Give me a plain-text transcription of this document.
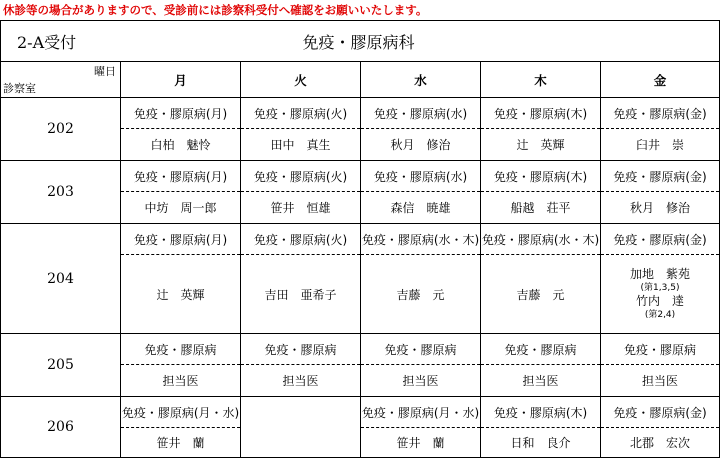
休診等の場合がありますので、受診前には診察科受付へ確認をお願いいたします。
2-A受付		免疫・膠原病科			

曜日
診察室	月	火	水	木	金
202	免疫・膠原病(月)	免疫・膠原病(火)	免疫・膠原病(水)	免疫・膠原病(木)	免疫・膠原病(金)
	白柏　魅怜	田中　真生	秋月　修治	辻　英輝	臼井　崇
203	免疫・膠原病(月)	免疫・膠原病(火)	免疫・膠原病(水)	免疫・膠原病(木)	免疫・膠原病(金)
	中坊　周一郎	笹井　恒雄	森信　暁雄	船越　荘平	秋月　修治
204	免疫・膠原病(月)	免疫・膠原病(火)	免疫・膠原病(水・木)	免疫・膠原病(水・木)	免疫・膠原病(金)
	辻　英輝	吉田　亜希子	吉藤　元	吉藤　元	加地　紫苑
(第1,3,5)
竹内　達
(第2,4)

205	免疫・膠原病	免疫・膠原病	免疫・膠原病	免疫・膠原病	免疫・膠原病
	担当医	担当医	担当医	担当医	担当医
206	免疫・膠原病(月・水)		免疫・膠原病(月・水)	免疫・膠原病(木)	免疫・膠原病(金)
	笹井　蘭		笹井　蘭	日和　良介	北郡　宏次
